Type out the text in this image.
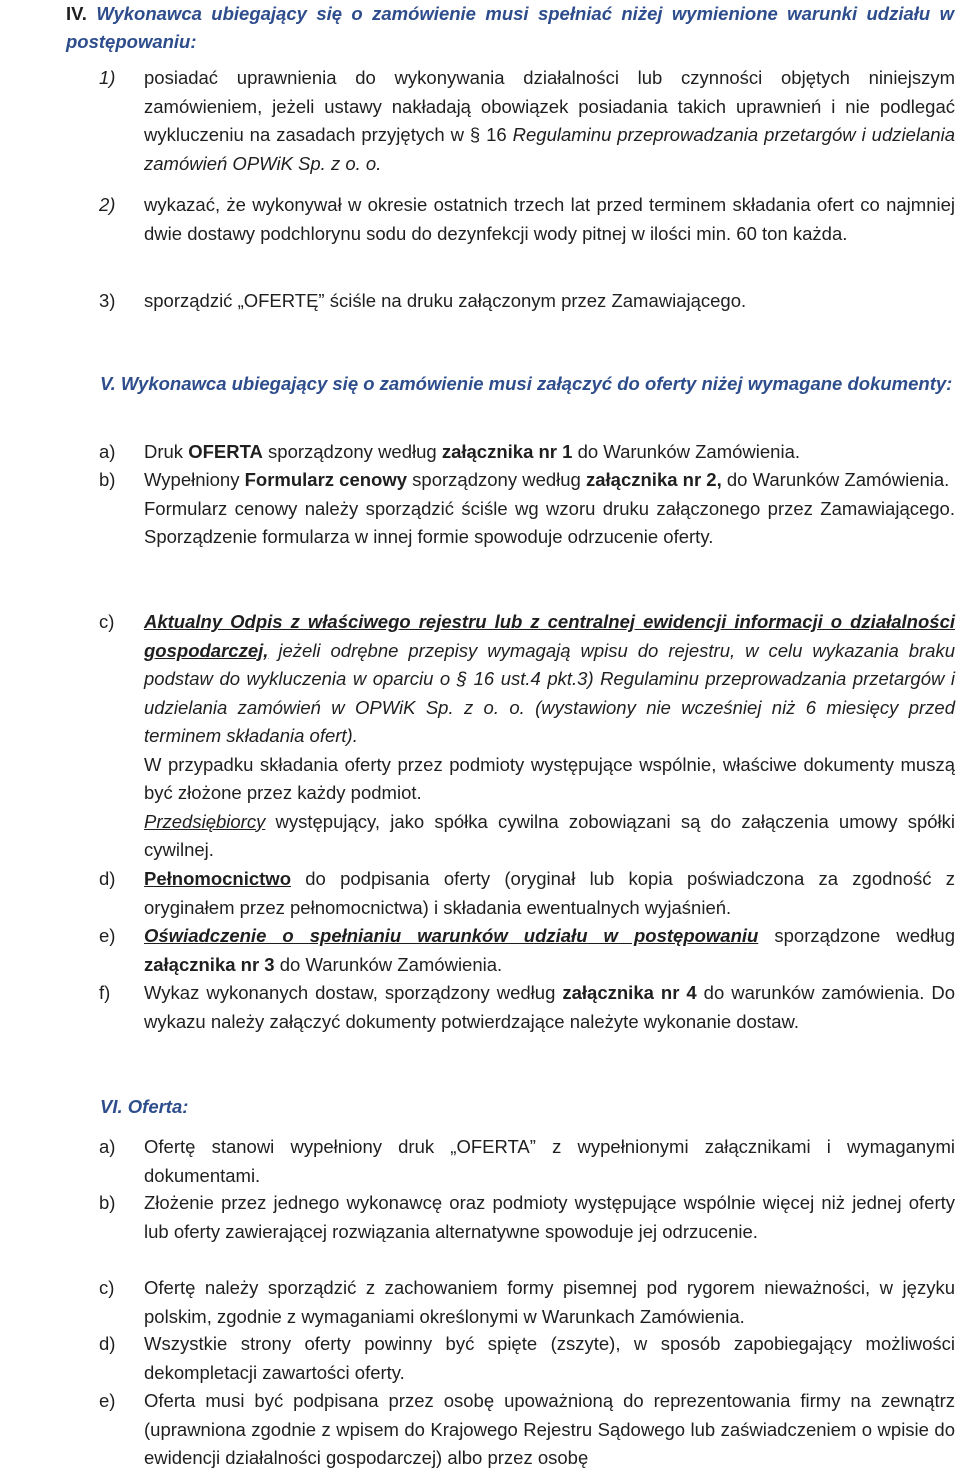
IV. Wykonawca ubiegający się o zamówienie musi spełniać niżej wymienione warunki udziału w postępowaniu:
1)	posiadać uprawnienia do wykonywania działalności lub czynności objętych niniejszym zamówieniem, jeżeli ustawy nakładają obowiązek posiadania takich uprawnień i nie podlegać wykluczeniu na zasadach przyjętych w § 16 Regulaminu przeprowadzania przetargów i udzielania zamówień OPWiK Sp. z o. o.
2)	wykazać, że wykonywał w okresie ostatnich trzech lat przed terminem składania ofert co najmniej dwie dostawy podchlorynu sodu do dezynfekcji wody pitnej w ilości min. 60 ton każda.
3)	sporządzić „OFERTĘ” ściśle na druku załączonym przez Zamawiającego.
V. Wykonawca ubiegający się o zamówienie musi załączyć do oferty niżej wymagane dokumenty:
a)	Druk OFERTA sporządzony według załącznika nr 1 do Warunków Zamówienia.
b)	Wypełniony Formularz cenowy sporządzony według załącznika nr 2, do Warunków Zamówienia.

Formularz cenowy należy sporządzić ściśle wg wzoru druku załączonego przez Zamawiającego. Sporządzenie formularza w innej formie spowoduje odrzucenie oferty.

c)	Aktualny Odpis z właściwego rejestru lub z centralnej ewidencji informacji o działalności gospodarczej, jeżeli odrębne przepisy wymagają wpisu do rejestru, w celu wykazania braku podstaw do wykluczenia w oparciu o § 16 ust.4 pkt.3) Regulaminu przeprowadzania przetargów i udzielania zamówień w OPWiK Sp. z o. o. (wystawiony nie wcześniej niż 6 miesięcy przed terminem składania ofert).

W przypadku składania oferty przez podmioty występujące wspólnie, właściwe dokumenty muszą być złożone przez każdy podmiot.

Przedsiębiorcy występujący, jako spółka cywilna zobowiązani są do załączenia umowy spółki cywilnej.

d)	Pełnomocnictwo do podpisania oferty (oryginał lub kopia poświadczona za zgodność z oryginałem przez pełnomocnictwa) i składania ewentualnych wyjaśnień.
e)	Oświadczenie o spełnianiu warunków udziału w postępowaniu sporządzone według załącznika nr 3 do Warunków Zamówienia.
f)	Wykaz wykonanych dostaw, sporządzony według załącznika nr 4 do warunków zamówienia. Do wykazu należy załączyć dokumenty potwierdzające należyte wykonanie dostaw.
VI. Oferta:
a)	Ofertę stanowi wypełniony druk „OFERTA” z wypełnionymi załącznikami i wymaganymi dokumentami.
b)	Złożenie przez jednego wykonawcę oraz podmioty występujące wspólnie więcej niż jednej oferty lub oferty zawierającej rozwiązania alternatywne spowoduje jej odrzucenie.
c)	Ofertę należy sporządzić z zachowaniem formy pisemnej pod rygorem nieważności, w języku polskim, zgodnie z wymaganiami określonymi w Warunkach Zamówienia.
d)	Wszystkie strony oferty powinny być spięte (zszyte), w sposób zapobiegający możliwości dekompletacji zawartości oferty.
e)	Oferta musi być podpisana przez osobę upoważnioną do reprezentowania firmy na zewnątrz (uprawniona zgodnie z wpisem do Krajowego Rejestru Sądowego lub zaświadczeniem o wpisie do ewidencji działalności gospodarczej) albo przez osobę
